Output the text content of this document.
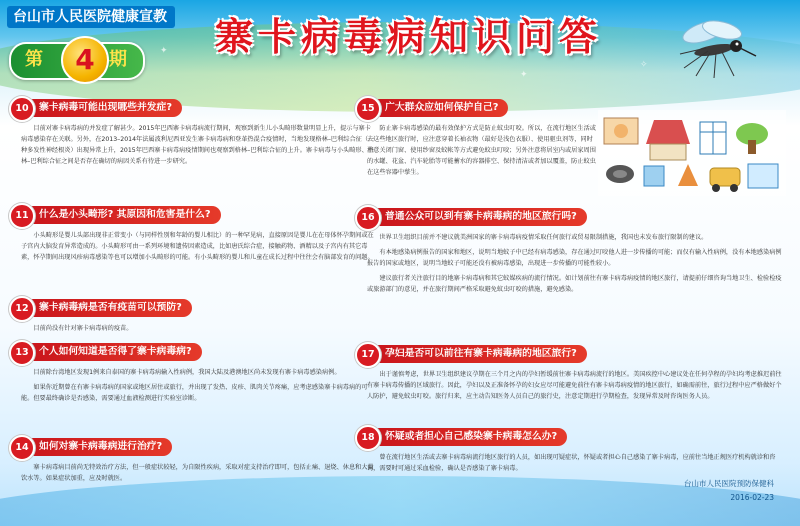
✦
✦
✧
台山市人民医院健康宣教
第	4 期
寨卡病毒病知识问答
10	寨卡病毒可能出现哪些并发症?

目前对寨卡病毒病的并发症了解甚少。2015年巴西寨卡病毒病流行期间，观察到新生儿小头畸形数量明显上升，提示与寨卡病毒感染存在关联。另外，在2013–2014年法属波利尼西亚发生寨卡病毒病和登革热混合疫情时，当地发现格林–巴利综合征（一种多发性神经根炎）出现异常上升，2015年巴西寨卡病毒病疫情期间也观察到格林–巴利综合征的上升。寨卡病毒与小头畸形、格林–巴利综合征之间是否存在确切的病因关系有待进一步研究。

11	什么是小头畸形? 其原因和危害是什么?

小头畸形是婴儿头部出现非正常变小（与同样性别和年龄的婴儿相比）的一种罕见病，直接原因是婴儿在在母体怀孕期间或在子宫内大脑发育异常造成的。小头畸形可由一系列环境和遗传因素造成，比如唐氏综合症，接触药物、酒精以及子宫内有其它毒素，怀孕期间出现风疹病毒感染等也可以增加小头畸形的可能。有小头畸形的婴儿和儿童在成长过程中往往会有脑部发育的问题。

12	寨卡病毒病是否有疫苗可以预防?

目前尚没有针对寨卡病毒病的疫苗。

13	个人如何知道是否得了寨卡病毒病?

目前除台湾地区发现1例来自泰国的寨卡病毒病输入性病例，我国大陆及港澳地区尚未发现有寨卡病毒感染病例。

如果你近期曾在有寨卡病毒病的国家或地区居住或旅行，并出现了发热、皮疹、肌肉关节疼痛，应考虑感染寨卡病毒病的可能。但要最终确诊是否感染，需要通过血液检测进行实验室诊断。

14	如何对寨卡病毒病进行治疗?

寨卡病毒病目前尚无特效治疗方法，但一般症状较轻，为自限性疾病，采取对症支持治疗即可，包括止痛、退烧、休息和大量饮水等。如果症状加重，应及时就医。

15	广大群众应如何保护自己?

防止寨卡病毒感染的最有效保护方式是防止蚊虫叮咬。所以，在流行地区生活或去这些地区旅行时，应注意穿着长袖衣物（最好是浅色衣服）、使用驱虫剂等，同时注意关闭门窗、使用纱窗及蚊帐等方式避免蚊虫叮咬；另外注意将居室内或居家周围的水罐、花盆、汽车轮胎等可能蓄水的容器排空、保持清洁或者加以覆盖，防止蚊虫在这些容器中孳生。

16	普通公众可以到有寨卡病毒病的地区旅行吗?

世界卫生组织目前并不建议就美洲国家的寨卡病毒病疫情采取任何旅行或贸易限制措施，我国也未发布旅行限制的建议。

有本地感染病例报告的国家和地区，说明当地蚊子中已经有病毒感染，存在通过叮咬他人进一步传播的可能；而仅有输入性病例，没有本地感染病例报告的国家或地区，说明当地蚊子可能还没有被病毒感染，出现进一步传播的可能性较小。

建议旅行者关注旅行目的地寨卡病毒病和其它蚊媒疾病的流行情况。如计划前往有寨卡病毒病疫情的地区旅行，请提前仔细咨询当地卫生、检验检疫或旅游部门的意见，并在旅行期间严格采取避免蚊虫叮咬的措施，避免感染。

17	孕妇是否可以前往有寨卡病毒病的地区旅行?

出于谨慎考虑，世界卫生组织建议孕期在三个月之内的孕妇暂缓前往寨卡病毒病流行的地区。美国疾控中心建议处在任何孕程的孕妇均考虑推迟前往有寨卡病毒传播的区域旅行。因此，孕妇以及正准备怀孕的妇女应尽可能避免前往有寨卡病毒病疫情的地区旅行，如确需前往，旅行过程中应严格做好个人防护，避免蚊虫叮咬。旅行归来，应主动告知医务人员自己的旅行史，注意定期进行孕期检查，发现异常及时咨询医务人员。

18	怀疑或者担心自己感染寨卡病毒怎么办?

曾在流行地区生活或去寨卡病毒病流行地区旅行的人员，如出现可疑症状，怀疑或者担心自己感染了寨卡病毒，应前往当地正规医疗机构就诊和咨询，需要时可通过采血检验，确认是否感染了寨卡病毒。

台山市人民医院预防保健科
2016-02-23
